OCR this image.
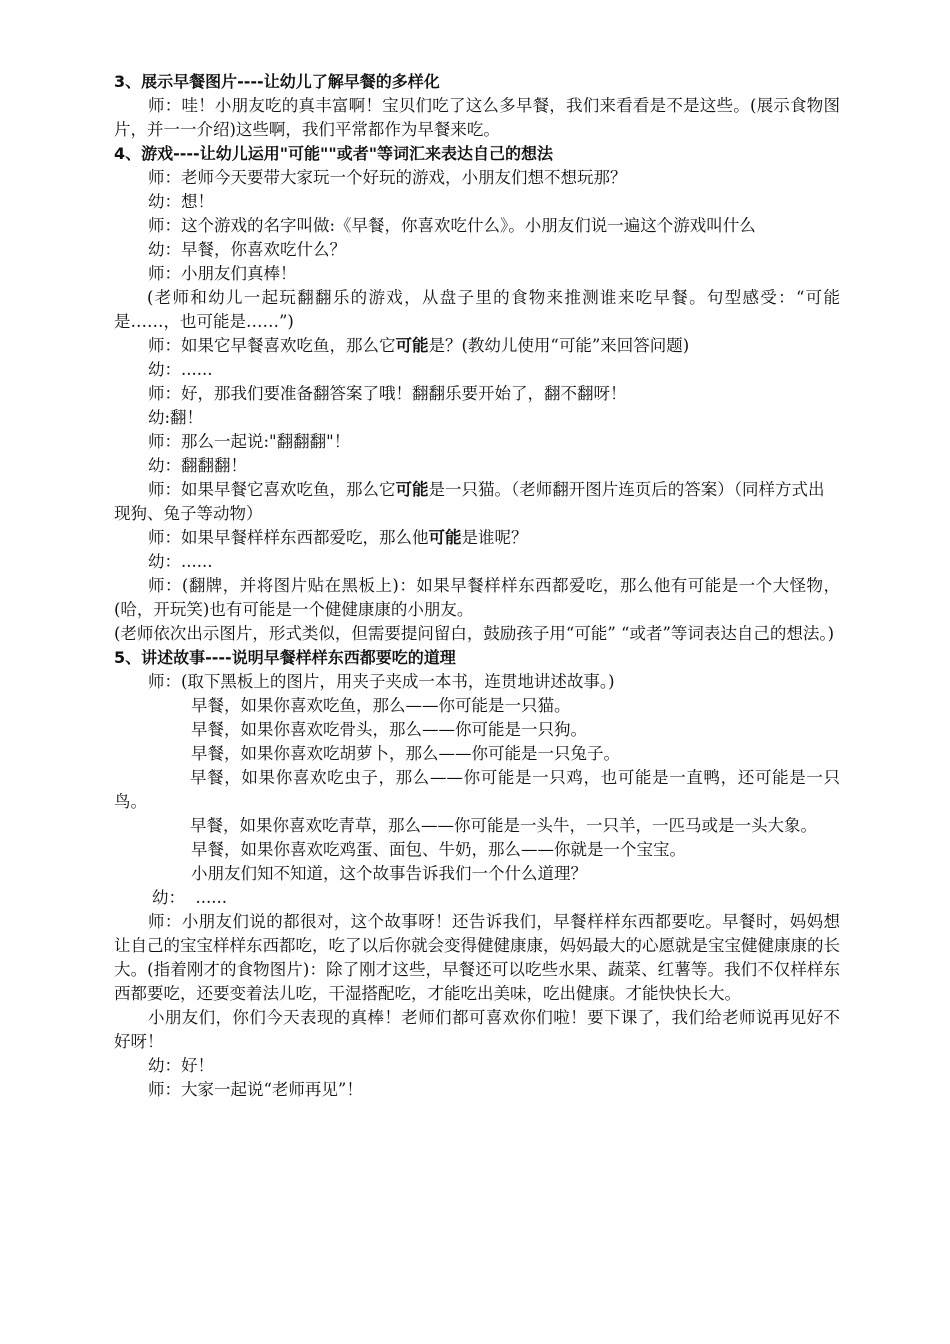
3、展示早餐图片----让幼儿了解早餐的多样化
师：哇！小朋友吃的真丰富啊！宝贝们吃了这么多早餐，我们来看看是不是这些。(展示食物图片，并一一介绍)这些啊，我们平常都作为早餐来吃。
4、游戏----让幼儿运用"可能""或者"等词汇来表达自己的想法
师：老师今天要带大家玩一个好玩的游戏，小朋友们想不想玩那？
幼：想！
师：这个游戏的名字叫做:《早餐，你喜欢吃什么》。小朋友们说一遍这个游戏叫什么
幼：早餐，你喜欢吃什么？
师：小朋友们真棒！
(老师和幼儿一起玩翻翻乐的游戏，从盘子里的食物来推测谁来吃早餐。句型感受：“可能是……，也可能是……”)
师：如果它早餐喜欢吃鱼，那么它可能是？(教幼儿使用“可能”来回答问题)
幼：......
师：好，那我们要准备翻答案了哦！翻翻乐要开始了，翻不翻呀！
幼:翻！
师：那么一起说:"翻翻翻"！
幼：翻翻翻！
师：如果早餐它喜欢吃鱼，那么它可能是一只猫。（老师翻开图片连页后的答案）（同样方式出现狗、兔子等动物）
师：如果早餐样样东西都爱吃，那么他可能是谁呢？
幼：......
师：(翻牌，并将图片贴在黑板上)：如果早餐样样东西都爱吃，那么他有可能是一个大怪物，(哈，开玩笑)也有可能是一个健健康康的小朋友。
(老师依次出示图片，形式类似，但需要提问留白，鼓励孩子用“可能” “或者”等词表达自己的想法。)
5、讲述故事----说明早餐样样东西都要吃的道理
师：(取下黑板上的图片，用夹子夹成一本书，连贯地讲述故事。)
早餐，如果你喜欢吃鱼，那么——你可能是一只猫。
早餐，如果你喜欢吃骨头，那么——你可能是一只狗。
早餐，如果你喜欢吃胡萝卜，那么——你可能是一只兔子。
早餐，如果你喜欢吃虫子，那么——你可能是一只鸡，也可能是一直鸭，还可能是一只鸟。
早餐，如果你喜欢吃青草，那么——你可能是一头牛，一只羊，一匹马或是一头大象。
早餐，如果你喜欢吃鸡蛋、面包、牛奶，那么——你就是一个宝宝。
小朋友们知不知道，这个故事告诉我们一个什么道理？
幼：  ......
师：小朋友们说的都很对，这个故事呀！还告诉我们，早餐样样东西都要吃。早餐时，妈妈想让自己的宝宝样样东西都吃，吃了以后你就会变得健健康康，妈妈最大的心愿就是宝宝健健康康的长大。(指着刚才的食物图片)：除了刚才这些，早餐还可以吃些水果、蔬菜、红薯等。我们不仅样样东西都要吃，还要变着法儿吃，干湿搭配吃，才能吃出美味，吃出健康。才能快快长大。
小朋友们，你们今天表现的真棒！老师们都可喜欢你们啦！要下课了，我们给老师说再见好不好呀！
幼：好！
师：大家一起说“老师再见”！
